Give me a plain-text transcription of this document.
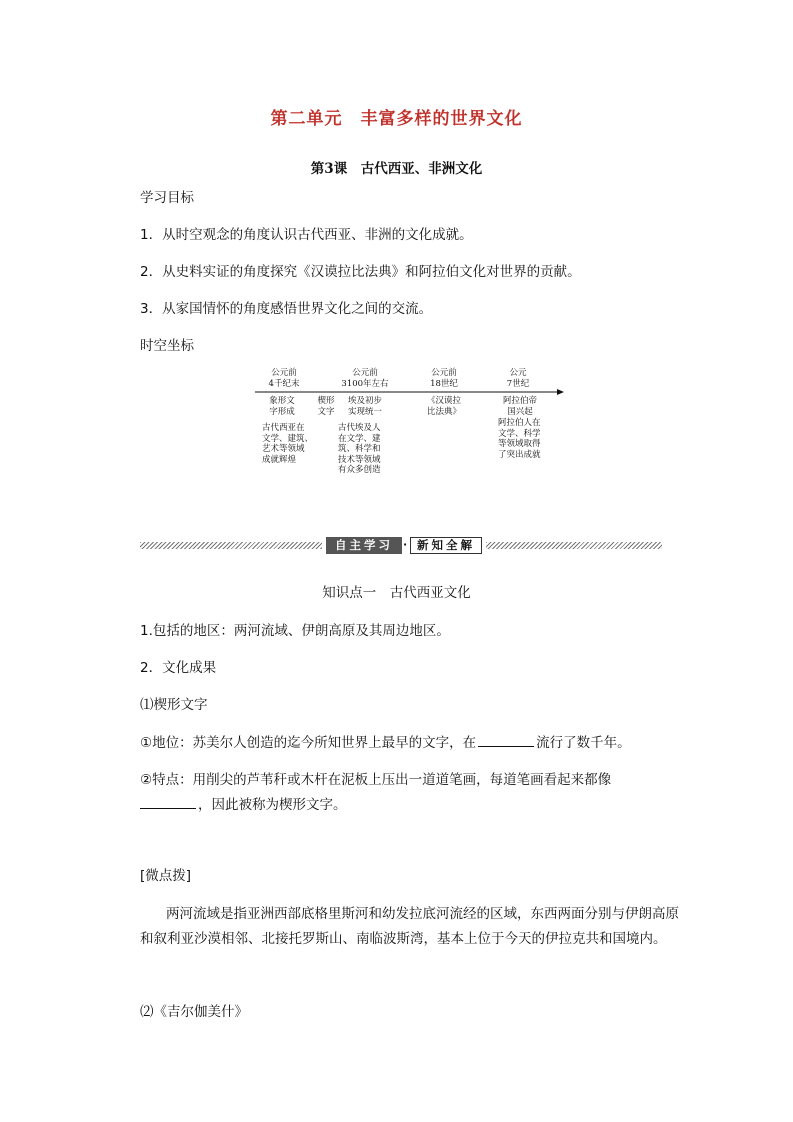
第二单元　丰富多样的世界文化
第3课　古代西亚、非洲文化
学习目标
1．从时空观念的角度认识古代西亚、非洲的文化成就。
2．从史料实证的角度探究《汉谟拉比法典》和阿拉伯文化对世界的贡献。
3．从家国情怀的角度感悟世界文化之间的交流。
时空坐标
公元前
4千纪末
公元前
3100年左右
公元前
18世纪
公元
7世纪
象形文
字形成
楔形
文字
埃及初步
实现统一
《汉谟拉
比法典》
阿拉伯帝
国兴起
古代西亚在
文学、建筑、
艺术等领域
成就辉煌
古代埃及人
在文学、建
筑、科学和
技术等领域
有众多创造
阿拉伯人在
文学、科学
等领域取得
了突出成就
自主学习 · 新知全解
知识点一　古代西亚文化
1.包括的地区：两河流域、伊朗高原及其周边地区。
2．文化成果
⑴楔形文字
①地位：苏美尔人创造的迄今所知世界上最早的文字，在	流行了数千年。
②特点：用削尖的芦苇秆或木杆在泥板上压出一道道笔画，每道笔画看起来都像
，因此被称为楔形文字。
[微点拨]
两河流域是指亚洲西部底格里斯河和幼发拉底河流经的区域，东西两面分别与伊朗高原
和叙利亚沙漠相邻、北接托罗斯山、南临波斯湾，基本上位于今天的伊拉克共和国境内。
⑵《吉尔伽美什》
